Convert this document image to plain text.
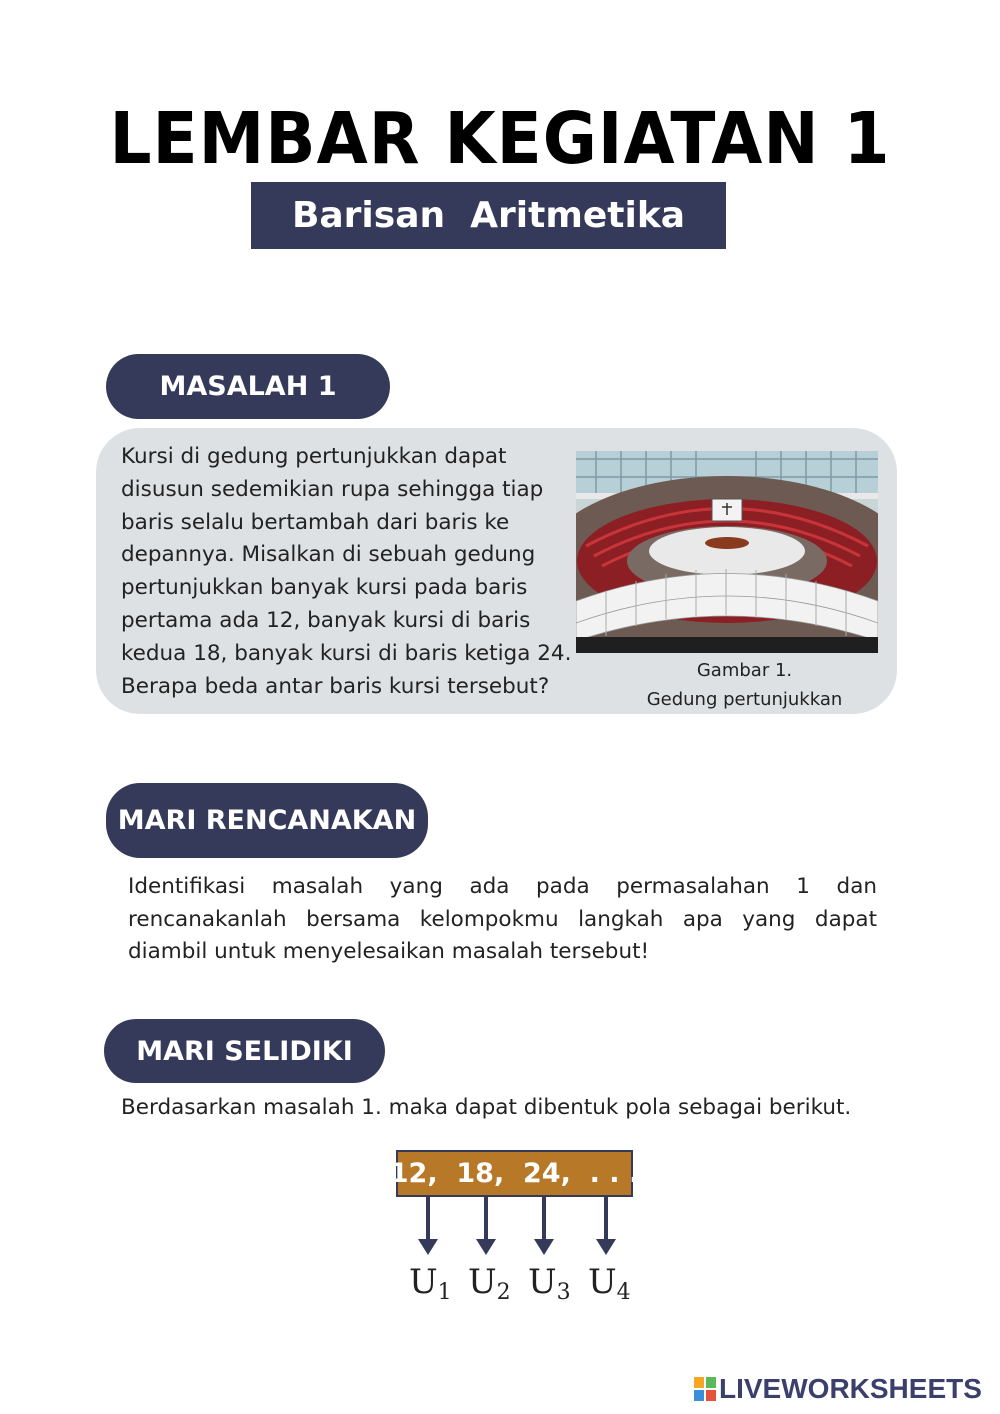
LEMBAR KEGIATAN 1
Barisan  Aritmetika
MASALAH 1
Kursi di gedung pertunjukkan dapat disusun sedemikian rupa sehingga tiap baris selalu bertambah dari baris ke depannya. Misalkan di sebuah gedung pertunjukkan banyak kursi pada baris pertama ada 12, banyak kursi di baris kedua 18, banyak kursi di baris ketiga 24. Berapa beda antar baris kursi tersebut?
Gambar 1.
Gedung pertunjukkan
MARI RENCANAKAN
Identifikasi masalah yang ada pada permasalahan 1 dan rencanakanlah bersama kelompokmu langkah apa yang dapat diambil untuk menyelesaikan masalah tersebut!
MARI SELIDIKI
Berdasarkan masalah 1. maka dapat dibentuk pola sebagai berikut.
12,  18,  24,  . . .
$U_1$ $U_2$ $U_3$ $U_4$
LIVEWORKSHEETS
